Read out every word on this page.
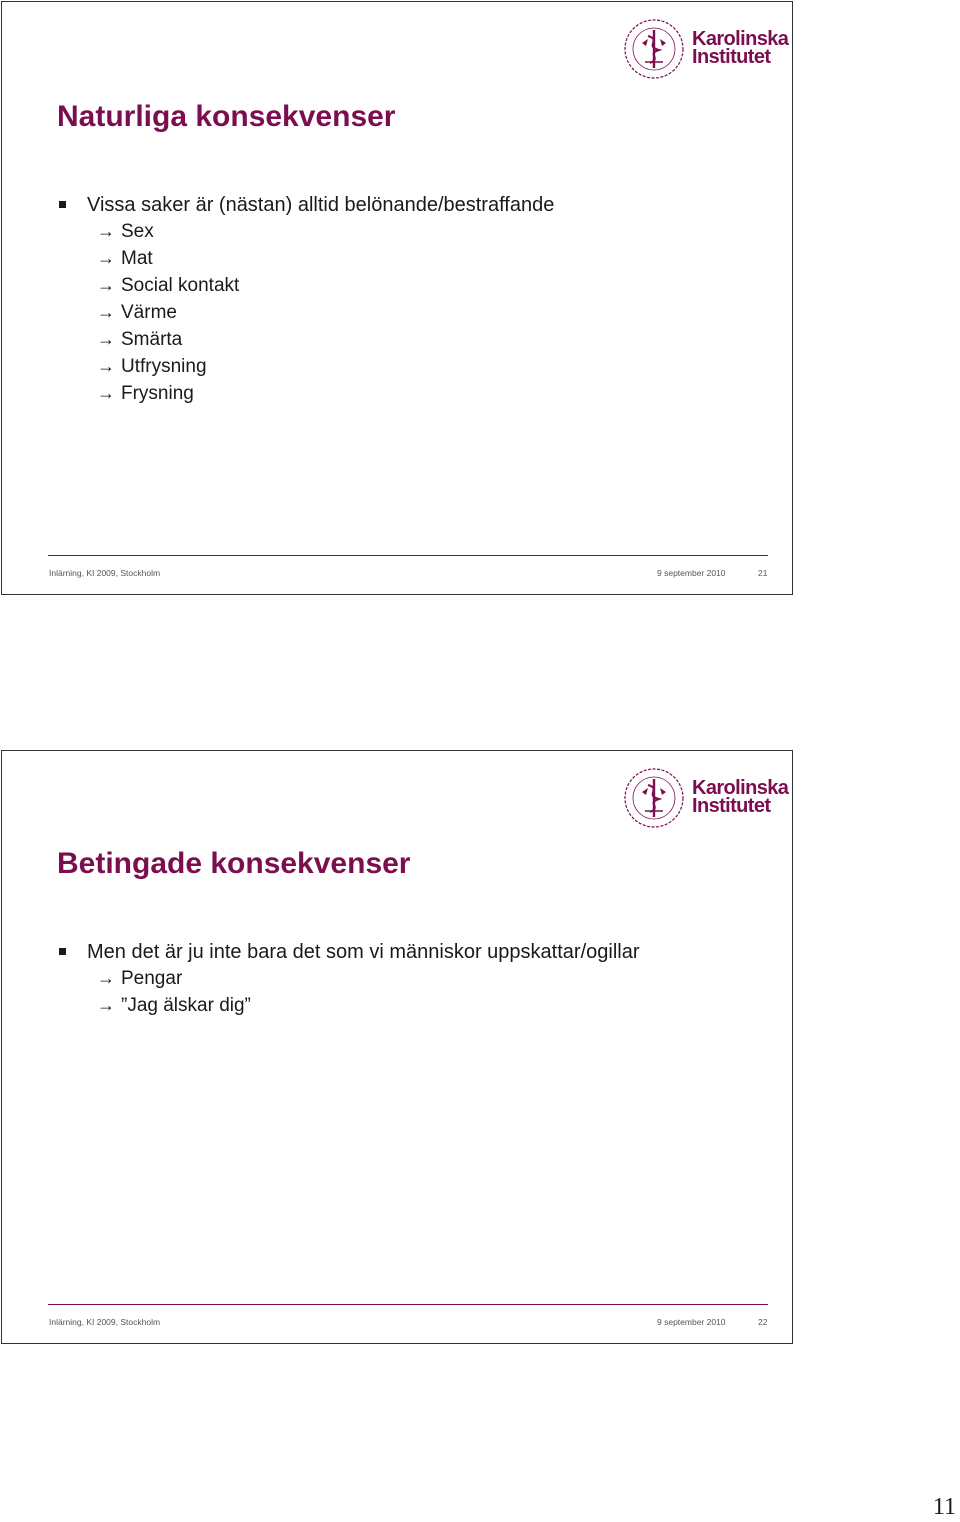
Karolinska
Institutet
Naturliga konsekvenser
Vissa saker är (nästan) alltid belönande/bestraffande
→ Sex
→ Mat
→ Social kontakt
→ Värme
→ Smärta
→ Utfrysning
→ Frysning
Inlärning, KI 2009, Stockholm	9 september 2010	21
Karolinska
Institutet
Betingade konsekvenser
Men det är ju inte bara det som vi människor uppskattar/ogillar
→ Pengar
→ ”Jag älskar dig”
Inlärning, KI 2009, Stockholm	9 september 2010	22
11
